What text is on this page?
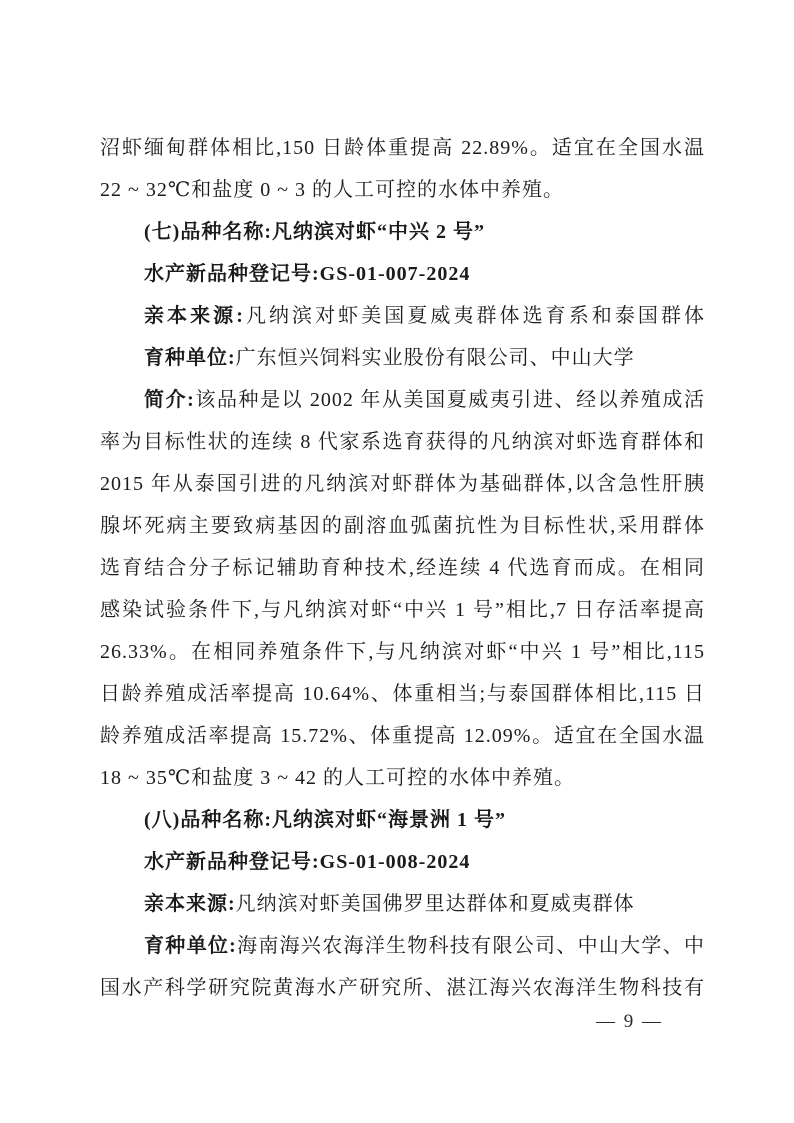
沼虾缅甸群体相比,150 日龄体重提高 22.89%。适宜在全国水温
22 ~ 32℃和盐度 0 ~ 3 的人工可控的水体中养殖。
(七)品种名称:凡纳滨对虾“中兴 2 号”
水产新品种登记号:GS-01-007-2024
亲本来源:凡纳滨对虾美国夏威夷群体选育系和泰国群体
育种单位:广东恒兴饲料实业股份有限公司、中山大学
简介:该品种是以 2002 年从美国夏威夷引进、经以养殖成活
率为目标性状的连续 8 代家系选育获得的凡纳滨对虾选育群体和
2015 年从泰国引进的凡纳滨对虾群体为基础群体,以含急性肝胰
腺坏死病主要致病基因的副溶血弧菌抗性为目标性状,采用群体
选育结合分子标记辅助育种技术,经连续 4 代选育而成。在相同
感染试验条件下,与凡纳滨对虾“中兴 1 号”相比,7 日存活率提高
26.33%。在相同养殖条件下,与凡纳滨对虾“中兴 1 号”相比,115
日龄养殖成活率提高 10.64%、体重相当;与泰国群体相比,115 日
龄养殖成活率提高 15.72%、体重提高 12.09%。适宜在全国水温
18 ~ 35℃和盐度 3 ~ 42 的人工可控的水体中养殖。
(八)品种名称:凡纳滨对虾“海景洲 1 号”
水产新品种登记号:GS-01-008-2024
亲本来源:凡纳滨对虾美国佛罗里达群体和夏威夷群体
育种单位:海南海兴农海洋生物科技有限公司、中山大学、中
国水产科学研究院黄海水产研究所、湛江海兴农海洋生物科技有
— 9 —
